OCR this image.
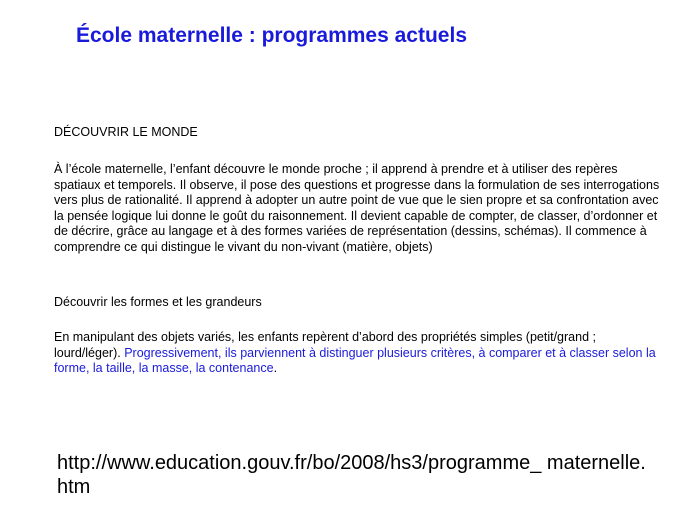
École maternelle : programmes actuels
DÉCOUVRIR LE MONDE
À l’école maternelle, l’enfant découvre le monde proche ; il apprend à prendre et à utiliser des repères spatiaux et temporels. Il observe, il pose des questions et progresse dans la formulation de ses interrogations vers plus de rationalité. Il apprend à adopter un autre point de vue que le sien propre et sa confrontation avec la pensée logique lui donne le goût du raisonnement. Il devient capable de compter, de classer, d’ordonner et de décrire, grâce au langage et à des formes variées de représentation (dessins, schémas). Il commence à comprendre ce qui distingue le vivant du non-vivant (matière, objets)
Découvrir les formes et les grandeurs
En manipulant des objets variés, les enfants repèrent d’abord des propriétés simples (petit/grand ; lourd/léger). Progressivement, ils parviennent à distinguer plusieurs critères, à comparer et à classer selon la forme, la taille, la masse, la contenance.
http://www.education.gouv.fr/bo/2008/hs3/programme_ maternelle.htm
